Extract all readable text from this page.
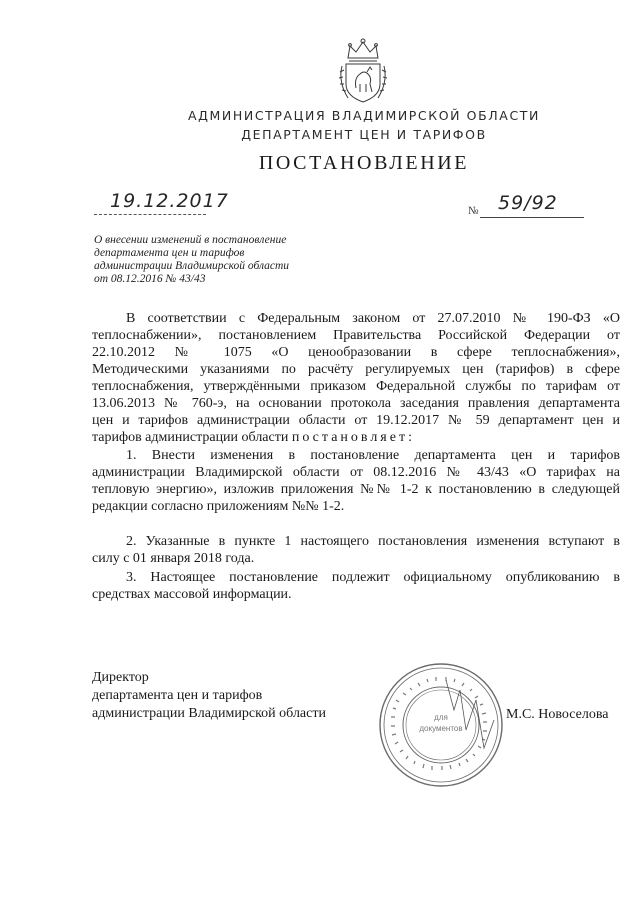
АДМИНИСТРАЦИЯ ВЛАДИМИРСКОЙ ОБЛАСТИ
ДЕПАРТАМЕНТ ЦЕН И ТАРИФОВ
ПОСТАНОВЛЕНИЕ
19.12.2017	№ 59/92
О внесении изменений в постановление
департамента цен и тарифов
администрации Владимирской области
от 08.12.2016 № 43/43
В соответствии с Федеральным законом от 27.07.2010 № 190-ФЗ «О
теплоснабжении», постановлением Правительства Российской Федерации от
22.10.2012 № 1075 «О ценообразовании в сфере теплоснабжения»,
Методическими указаниями по расчёту регулируемых цен (тарифов) в сфере
теплоснабжения, утверждёнными приказом Федеральной службы по тарифам от
13.06.2013 № 760-э, на основании протокола заседания правления департамента
цен и тарифов администрации области от 19.12.2017 № 59 департамент цен и
тарифов администрации области постановляет:
1. Внести изменения в постановление департамента цен и тарифов
администрации Владимирской области от 08.12.2016 № 43/43 «О тарифах на
тепловую энергию», изложив приложения №№ 1-2 к постановлению в следующей
редакции согласно приложениям №№ 1-2.
2. Указанные в пункте 1 настоящего постановления изменения вступают в
силу с 01 января 2018 года.
3. Настоящее постановление подлежит официальному опубликованию в
средствах массовой информации.
Директор
департамента цен и тарифов
администрации Владимирской области	для
документов
М.С. Новоселова
